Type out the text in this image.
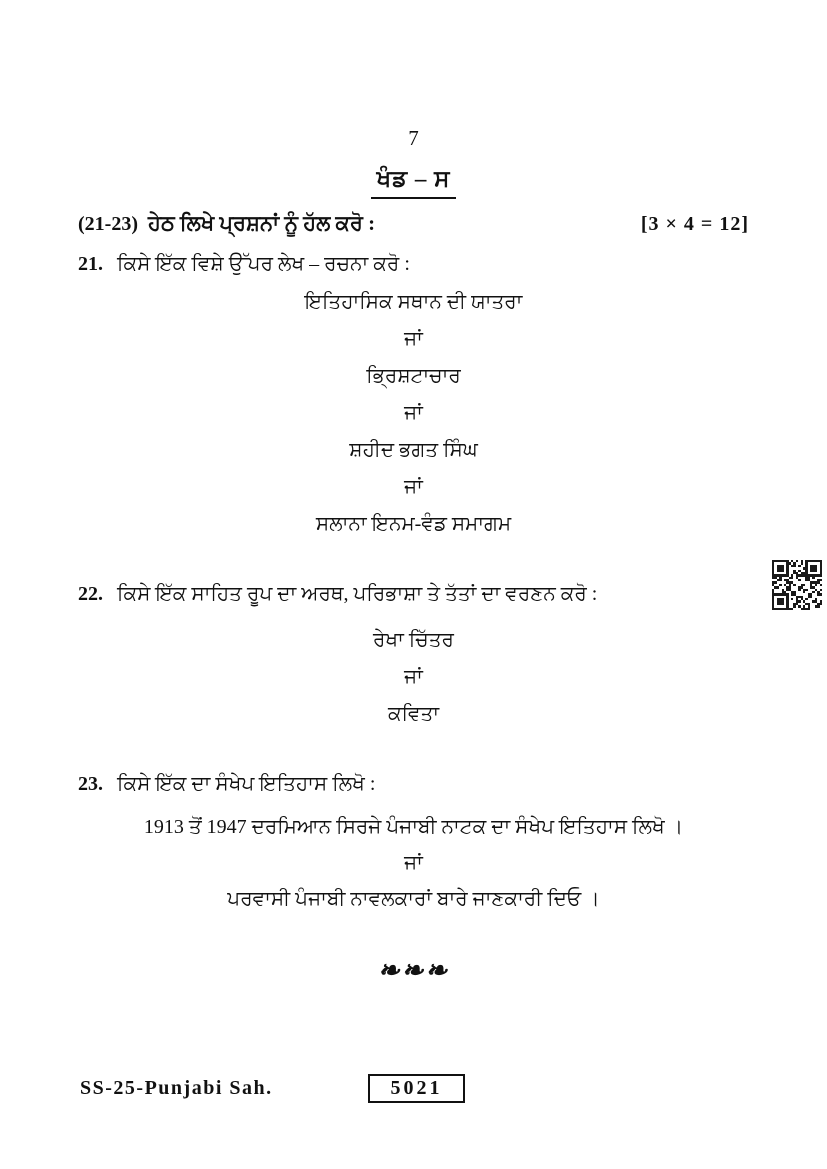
7
ਖੰਡ – ਸ
(21-23) ਹੇਠ ਲਿਖੇ ਪ੍ਰਸ਼ਨਾਂ ਨੂੰ ਹੱਲ ਕਰੋ :	[3 × 4 = 12]
21. ਕਿਸੇ ਇੱਕ ਵਿਸ਼ੇ ਉੱਪਰ ਲੇਖ – ਰਚਨਾ ਕਰੋ :
ਇਤਿਹਾਸਿਕ ਸਥਾਨ ਦੀ ਯਾਤਰਾ
ਜਾਂ
ਭ੍ਰਿਸ਼ਟਾਚਾਰ
ਜਾਂ
ਸ਼ਹੀਦ ਭਗਤ ਸਿੰਘ
ਜਾਂ
ਸਲਾਨਾ ਇਨਮ-ਵੰਡ ਸਮਾਗਮ
22. ਕਿਸੇ ਇੱਕ ਸਾਹਿਤ ਰੂਪ ਦਾ ਅਰਥ, ਪਰਿਭਾਸ਼ਾ ਤੇ ਤੱਤਾਂ ਦਾ ਵਰਣਨ ਕਰੋ :
ਰੇਖਾ ਚਿੱਤਰ
ਜਾਂ
ਕਵਿਤਾ
23. ਕਿਸੇ ਇੱਕ ਦਾ ਸੰਖੇਪ ਇਤਿਹਾਸ ਲਿਖੋ :
1913 ਤੋਂ 1947 ਦਰਮਿਆਨ ਸਿਰਜੇ ਪੰਜਾਬੀ ਨਾਟਕ ਦਾ ਸੰਖੇਪ ਇਤਿਹਾਸ ਲਿਖੋ ।
ਜਾਂ
ਪਰਵਾਸੀ ਪੰਜਾਬੀ ਨਾਵਲਕਾਰਾਂ ਬਾਰੇ ਜਾਣਕਾਰੀ ਦਿਓ ।
❧❧❧
SS-25-Punjabi Sah.	5021
